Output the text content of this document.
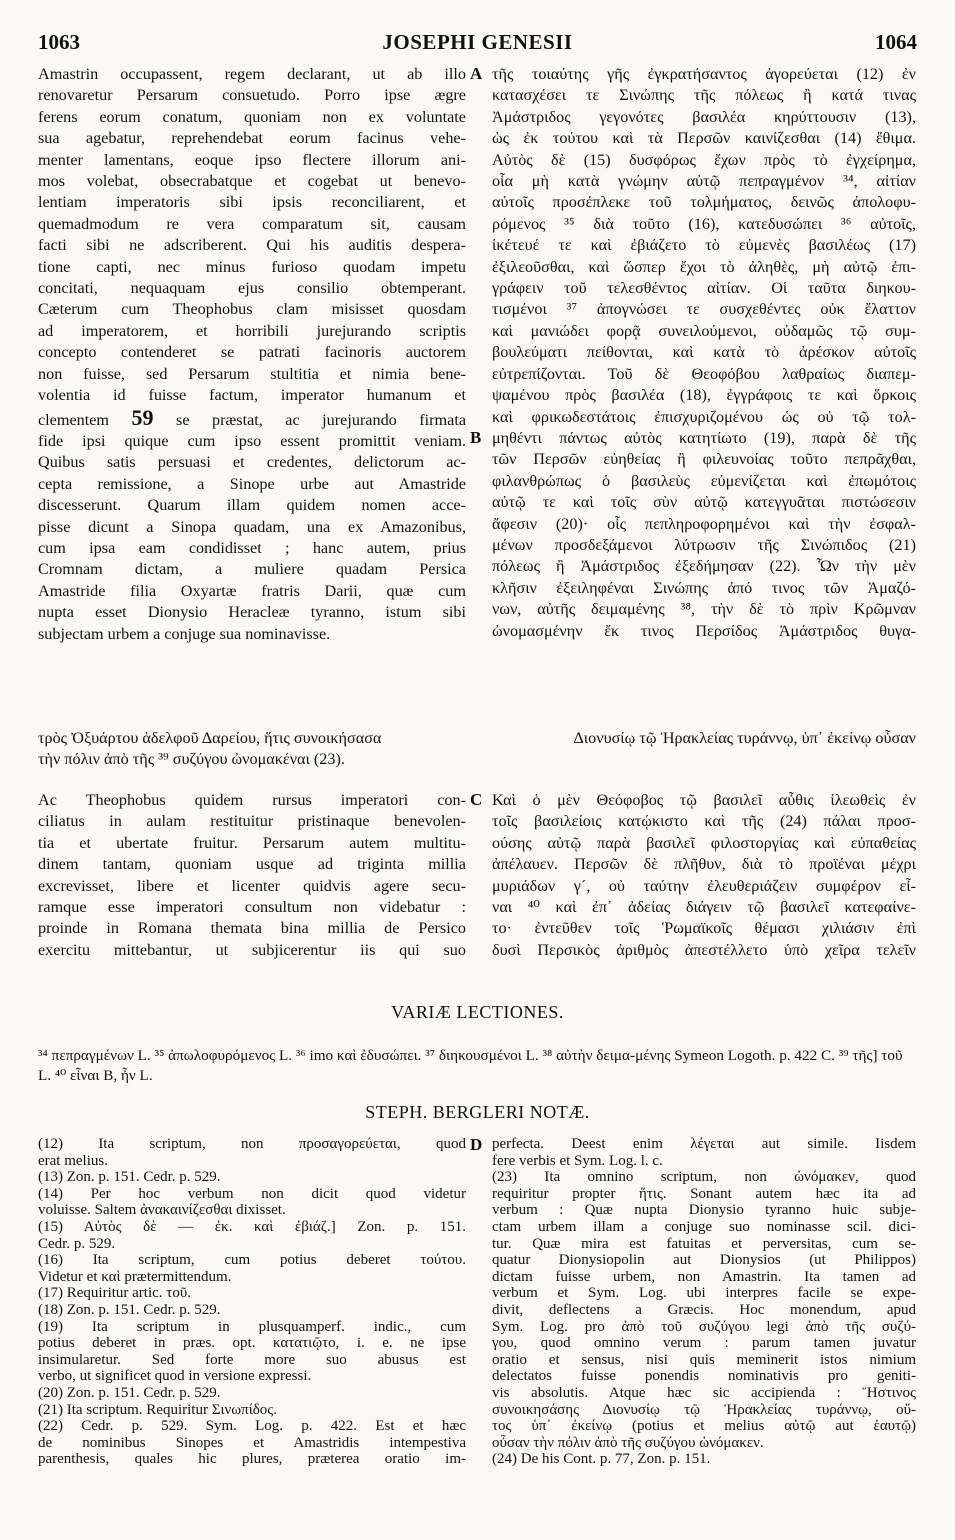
1063	JOSEPHI GENESII	1064
Amastrin occupassent, regem declarant, ut ab illo
renovaretur Persarum consuetudo. Porro ipse ægre
ferens eorum conatum, quoniam non ex voluntate
sua agebatur, reprehendebat eorum facinus vehe-
menter lamentans, eoque ipso flectere illorum ani-
mos volebat, obsecrabatque et cogebat ut benevo-
lentiam imperatoris sibi ipsis reconciliarent, et
quemadmodum re vera comparatum sit, causam
facti sibi ne adscriberent. Qui his auditis despera-
tione capti, nec minus furioso quodam impetu
concitati, nequaquam ejus consilio obtemperant.
Cæterum cum Theophobus clam misisset quosdam
ad imperatorem, et horribili jurejurando scriptis
concepto contenderet se patrati facinoris auctorem
non fuisse, sed Persarum stultitia et nimia bene-
volentia id fuisse factum, imperator humanum et
clementem 59 se præstat, ac jurejurando firmata
fide ipsi quique cum ipso essent promittit veniam.
Quibus satis persuasi et credentes, delictorum ac-
cepta remissione, a Sinope urbe aut Amastride
discesserunt. Quarum illam quidem nomen acce-
pisse dicunt a Sinopa quadam, una ex Amazonibus,
cum ipsa eam condidisset ; hanc autem, prius
Cromnam dictam, a muliere quadam Persica
Amastride filia Oxyartæ fratris Darii, quæ cum
nupta esset Dionysio Heracleæ tyranno, istum sibi
subjectam urbem a conjuge sua nominavisse.
A
B
C
D
τῆς τοιαύτης γῆς ἐγκρατήσαντος ἀγορεύεται (12) ἐν
κατασχέσει τε Σινώπης τῆς πόλεως ἢ κατά τινας
Ἀμάστριδος γεγονότες βασιλέα κηρύττουσιν (13),
ὡς ἐκ τούτου καὶ τὰ Περσῶν καινίζεσθαι (14) ἔθιμα.
Αὐτὸς δὲ (15) δυσφόρως ἔχων πρὸς τὸ ἐγχείρημα,
οἷα μὴ κατὰ γνώμην αὐτῷ πεπραγμένον ³⁴, αἰτίαν
αὐτοῖς προσέπλεκε τοῦ τολμήματος, δεινῶς ἀπολοφυ-
ρόμενος ³⁵ διὰ τοῦτο (16), κατεδυσώπει ³⁶ αὐτοῖς,
ἱκέτευέ τε καὶ ἐβιάζετο τὸ εὐμενὲς βασιλέως (17)
ἐξιλεοῦσθαι, καὶ ὥσπερ ἔχοι τὸ ἀληθὲς, μὴ αὐτῷ ἐπι-
γράφειν τοῦ τελεσθέντος αἰτίαν. Οἱ ταῦτα διηκου-
τισμένοι ³⁷ ἀπογνώσει τε συσχεθέντες οὐκ ἔλαττον
καὶ μανιώδει φορᾷ συνειλούμενοι, οὐδαμῶς τῷ συμ-
βουλεύματι πείθονται, καὶ κατὰ τὸ ἀρέσκον αὐτοῖς
εὐτρεπίζονται. Τοῦ δὲ Θεοφόβου λαθραίως διαπεμ-
ψαμένου πρὸς βασιλέα (18), ἐγγράφοις τε καὶ ὅρκοις
καὶ φρικωδεστάτοις ἐπισχυριζομένου ὡς οὐ τῷ τολ-
μηθέντι πάντως αὐτὸς κατητίωτο (19), παρὰ δὲ τῆς
τῶν Περσῶν εὐηθείας ἢ φιλευνοίας τοῦτο πεπρᾶχθαι,
φιλανθρώπως ὁ βασιλεὺς εὐμενίζεται καὶ ἐπωμότοις
αὐτῷ τε καὶ τοῖς σὺν αὐτῷ κατεγγυᾶται πιστώσεσιν
ἄφεσιν (20)· οἷς πεπληροφορημένοι καὶ τὴν ἐσφαλ-
μένων προσδεξάμενοι λύτρωσιν τῆς Σινώπιδος (21)
πόλεως ἢ Ἀμάστριδος ἐξεδήμησαν (22). Ὧν τὴν μὲν
κλῆσιν ἐξειληφέναι Σινώπης ἀπό τινος τῶν Ἀμαζό-
νων, αὐτῆς δειμαμένης ³⁸, τὴν δὲ τὸ πρὶν Κρῶμναν
ὠνομασμένην ἔκ τινος Περσίδος Ἀμάστριδος θυγα-
τρὸς Ὀξυάρτου ἀδελφοῦ Δαρείου, ἥτις συνοικήσασα	Διονυσίῳ τῷ Ἡρακλείας τυράννῳ, ὑπ᾽ ἐκείνῳ οὖσαν
τὴν πόλιν ἀπὸ τῆς ³⁹ συζύγου ὠνομακέναι (23).
Ac Theophobus quidem rursus imperatori con-
ciliatus in aulam restituitur pristinaque benevolen-
tia et ubertate fruitur. Persarum autem multitu-
dinem tantam, quoniam usque ad triginta millia
excrevisset, libere et licenter quidvis agere secu-
ramque esse imperatori consultum non videbatur :
proinde in Romana themata bina millia de Persico
exercitu mittebantur, ut subjicerentur iis qui suo
Καὶ ὁ μὲν Θεόφοβος τῷ βασιλεῖ αὖθις ἱλεωθεὶς ἐν
τοῖς βασιλείοις κατῴκιστο καὶ τῆς (24) πάλαι προσ-
ούσης αὐτῷ παρὰ βασιλεῖ φιλοστοργίας καὶ εὐπαθείας
ἀπέλαυεν. Περσῶν δὲ πλῆθυν, διὰ τὸ προϊέναι μέχρι
μυριάδων γ´, οὐ ταύτην ἐλευθεριάζειν συμφέρον εἶ-
ναι ⁴⁰ καὶ ἐπ᾽ ἀδείας διάγειν τῷ βασιλεῖ κατεφαίνε-
το· ἐντεῦθεν τοῖς Ῥωμαϊκοῖς θέμασι χιλιάσιν ἐπὶ
δυσὶ Περσικὸς ἀριθμὸς ἀπεστέλλετο ὑπὸ χεῖρα τελεῖν
VARIÆ LECTIONES.
³⁴ πεπραγμένων L. ³⁵ ἀπωλοφυρόμενος L. ³⁶ imo καὶ ἐδυσώπει. ³⁷ διηκουσμένοι L. ³⁸ αὐτὴν δειμα-μένης Symeon Logoth. p. 422 C. ³⁹ τῆς] τοῦ L. ⁴⁰ εἶναι B, ἦν L.
STEPH. BERGLERI NOTÆ.
(12) Ita scriptum, non προσαγορεύεται, quod
erat melius.
(13) Zon. p. 151. Cedr. p. 529.
(14) Per hoc verbum non dicit quod videtur
voluisse. Saltem ἀνακαινίζεσθαι dixisset.
(15) Αὐτὸς δὲ — ἐκ. καὶ ἐβιάζ.] Zon. p. 151.
Cedr. p. 529.
(16) Ita scriptum, cum potius deberet τούτου.
Videtur et καὶ prætermittendum.
(17) Requiritur artic. τοῦ.
(18) Zon. p. 151. Cedr. p. 529.
(19) Ita scriptum in plusquamperf. indic., cum
potius deberet in præs. opt. κατατιῷτο, i. e. ne ipse
insimularetur. Sed forte more suo abusus est
verbo, ut significet quod in versione expressi.
(20) Zon. p. 151. Cedr. p. 529.
(21) Ita scriptum. Requiritur Σινωπίδος.
(22) Cedr. p. 529. Sym. Log. p. 422. Est et hæc
de nominibus Sinopes et Amastridis intempestiva
parenthesis, quales hic plures, præterea oratio im-
perfecta. Deest enim λέγεται aut simile. Iisdem
fere verbis et Sym. Log. l. c.
(23) Ita omnino scriptum, non ὠνόμακεν, quod
requiritur propter ἥτις. Sonant autem hæc ita ad
verbum : Quæ nupta Dionysio tyranno huic subje-
ctam urbem illam a conjuge suo nominasse scil. dici-
tur. Quæ mira est fatuitas et perversitas, cum se-
quatur Dionysiopolin aut Dionysios (ut Philippos)
dictam fuisse urbem, non Amastrin. Ita tamen ad
verbum et Sym. Log. ubi interpres facile se expe-
divit, deflectens a Græcis. Hoc monendum, apud
Sym. Log. pro ἀπὸ τοῦ συζύγου legi ἀπὸ τῆς συζύ-
γου, quod omnino verum : parum tamen juvatur
oratio et sensus, nisi quis meminerit istos nimium
delectatos fuisse ponendis nominativis pro geniti-
vis absolutis. Atque hæc sic accipienda : Ἥστινος
συνοικησάσης Διονυσίῳ τῷ Ἡρακλείας τυράννῳ, οὔ-
τος ὑπ᾽ ἐκείνῳ (potius et melius αὐτῷ aut ἑαυτῷ)
οὖσαν τὴν πόλιν ἀπὸ τῆς συζύγου ὠνόμακεν.
(24) De his Cont. p. 77, Zon. p. 151.
